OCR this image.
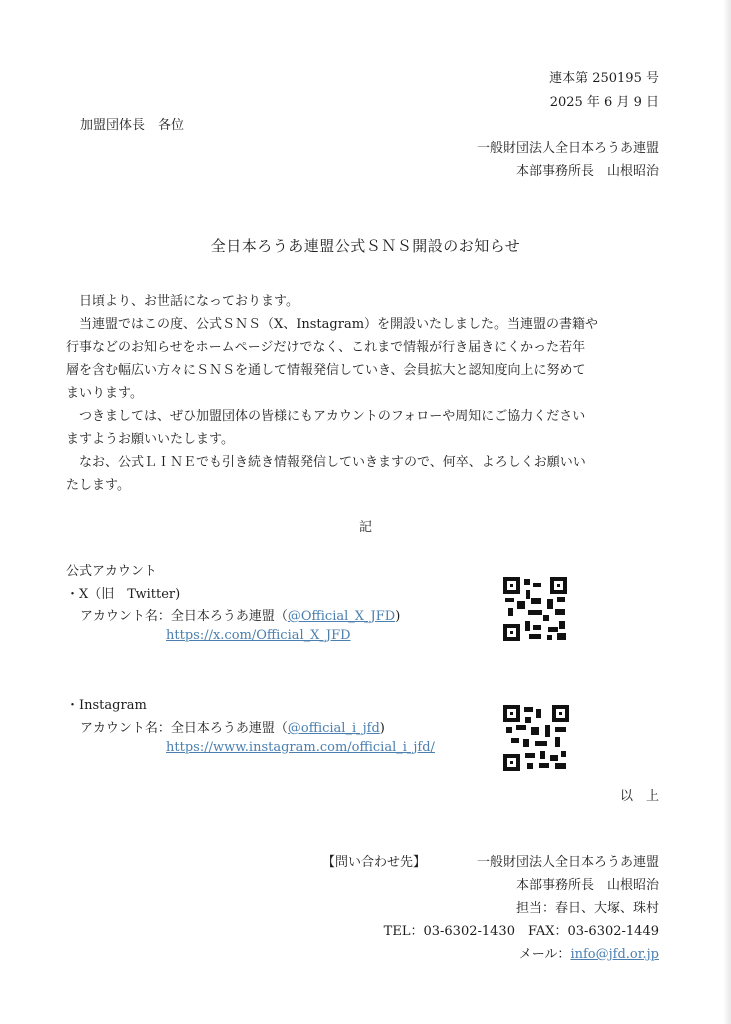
連本第 250195 号
2025 年 6 月 9 日
加盟団体長　各位
一般財団法人全日本ろうあ連盟
本部事務所長　山根昭治
全日本ろうあ連盟公式ＳＮＳ開設のお知らせ

日頃より、お世話になっております。

当連盟ではこの度、公式ＳＮＳ（X、Instagram）を開設いたしました。当連盟の書籍や

行事などのお知らせをホームページだけでなく、これまで情報が行き届きにくかった若年

層を含む幅広い方々にＳＮＳを通して情報発信していき、会員拡大と認知度向上に努めて

まいります。

つきましては、ぜひ加盟団体の皆様にもアカウントのフォローや周知にご協力ください

ますようお願いいたします。

なお、公式ＬＩＮＥでも引き続き情報発信していきますので、何卒、よろしくお願いい

たします。

記
公式アカウント
・X（旧　Twitter)
アカウント名：全日本ろうあ連盟（@Official_X_JFD)
https://x.com/Official_X_JFD
・Instagram
アカウント名：全日本ろうあ連盟（@official_i_jfd)
https://www.instagram.com/official_i_jfd/
以　上
【問い合わせ先】	一般財団法人全日本ろうあ連盟
本部事務所長　山根昭治
担当：春日、大塚、珠村
TEL：03-6302-1430　FAX：03-6302-1449
メール：info@jfd.or.jp
